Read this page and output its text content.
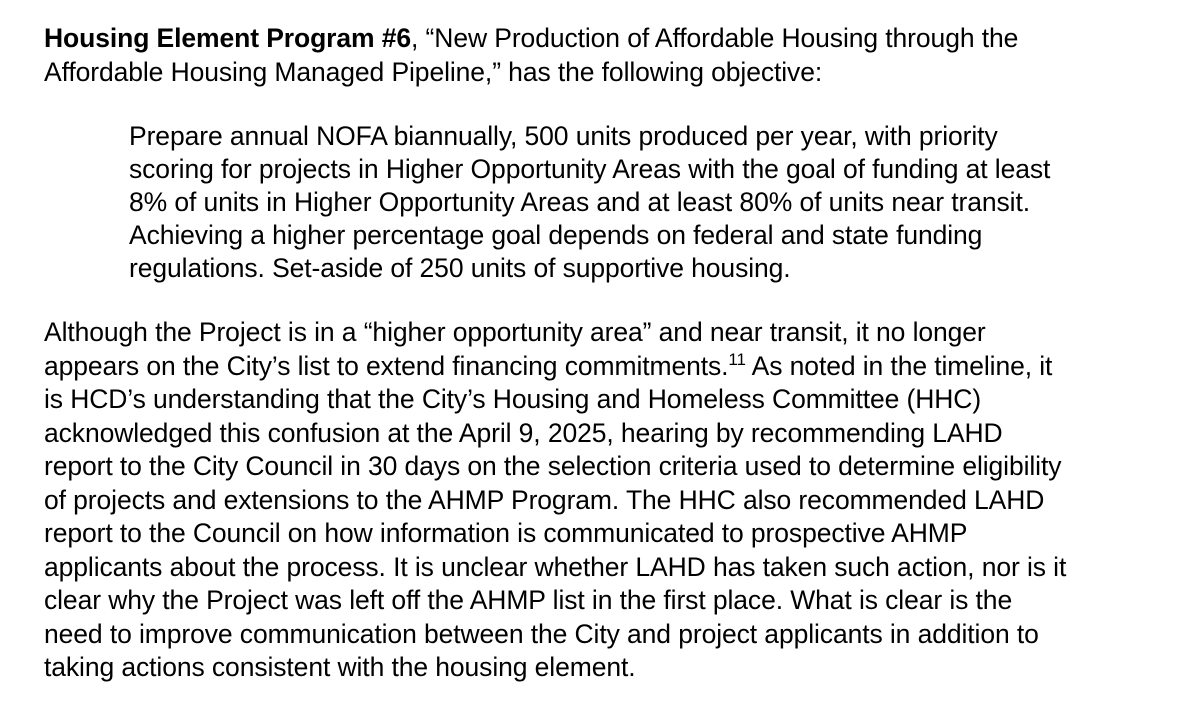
Housing Element Program #6, “New Production of Affordable Housing through the
Affordable Housing Managed Pipeline,” has the following objective:

Prepare annual NOFA biannually, 500 units produced per year, with priority
scoring for projects in Higher Opportunity Areas with the goal of funding at least
8% of units in Higher Opportunity Areas and at least 80% of units near transit.
Achieving a higher percentage goal depends on federal and state funding
regulations. Set-aside of 250 units of supportive housing.

Although the Project is in a “higher opportunity area” and near transit, it no longer
appears on the City’s list to extend financing commitments.$^{11}$ As noted in the timeline, it
is HCD’s understanding that the City’s Housing and Homeless Committee (HHC)
acknowledged this confusion at the April 9, 2025, hearing by recommending LAHD
report to the City Council in 30 days on the selection criteria used to determine eligibility
of projects and extensions to the AHMP Program. The HHC also recommended LAHD
report to the Council on how information is communicated to prospective AHMP
applicants about the process. It is unclear whether LAHD has taken such action, nor is it
clear why the Project was left off the AHMP list in the first place. What is clear is the
need to improve communication between the City and project applicants in addition to
taking actions consistent with the housing element.
